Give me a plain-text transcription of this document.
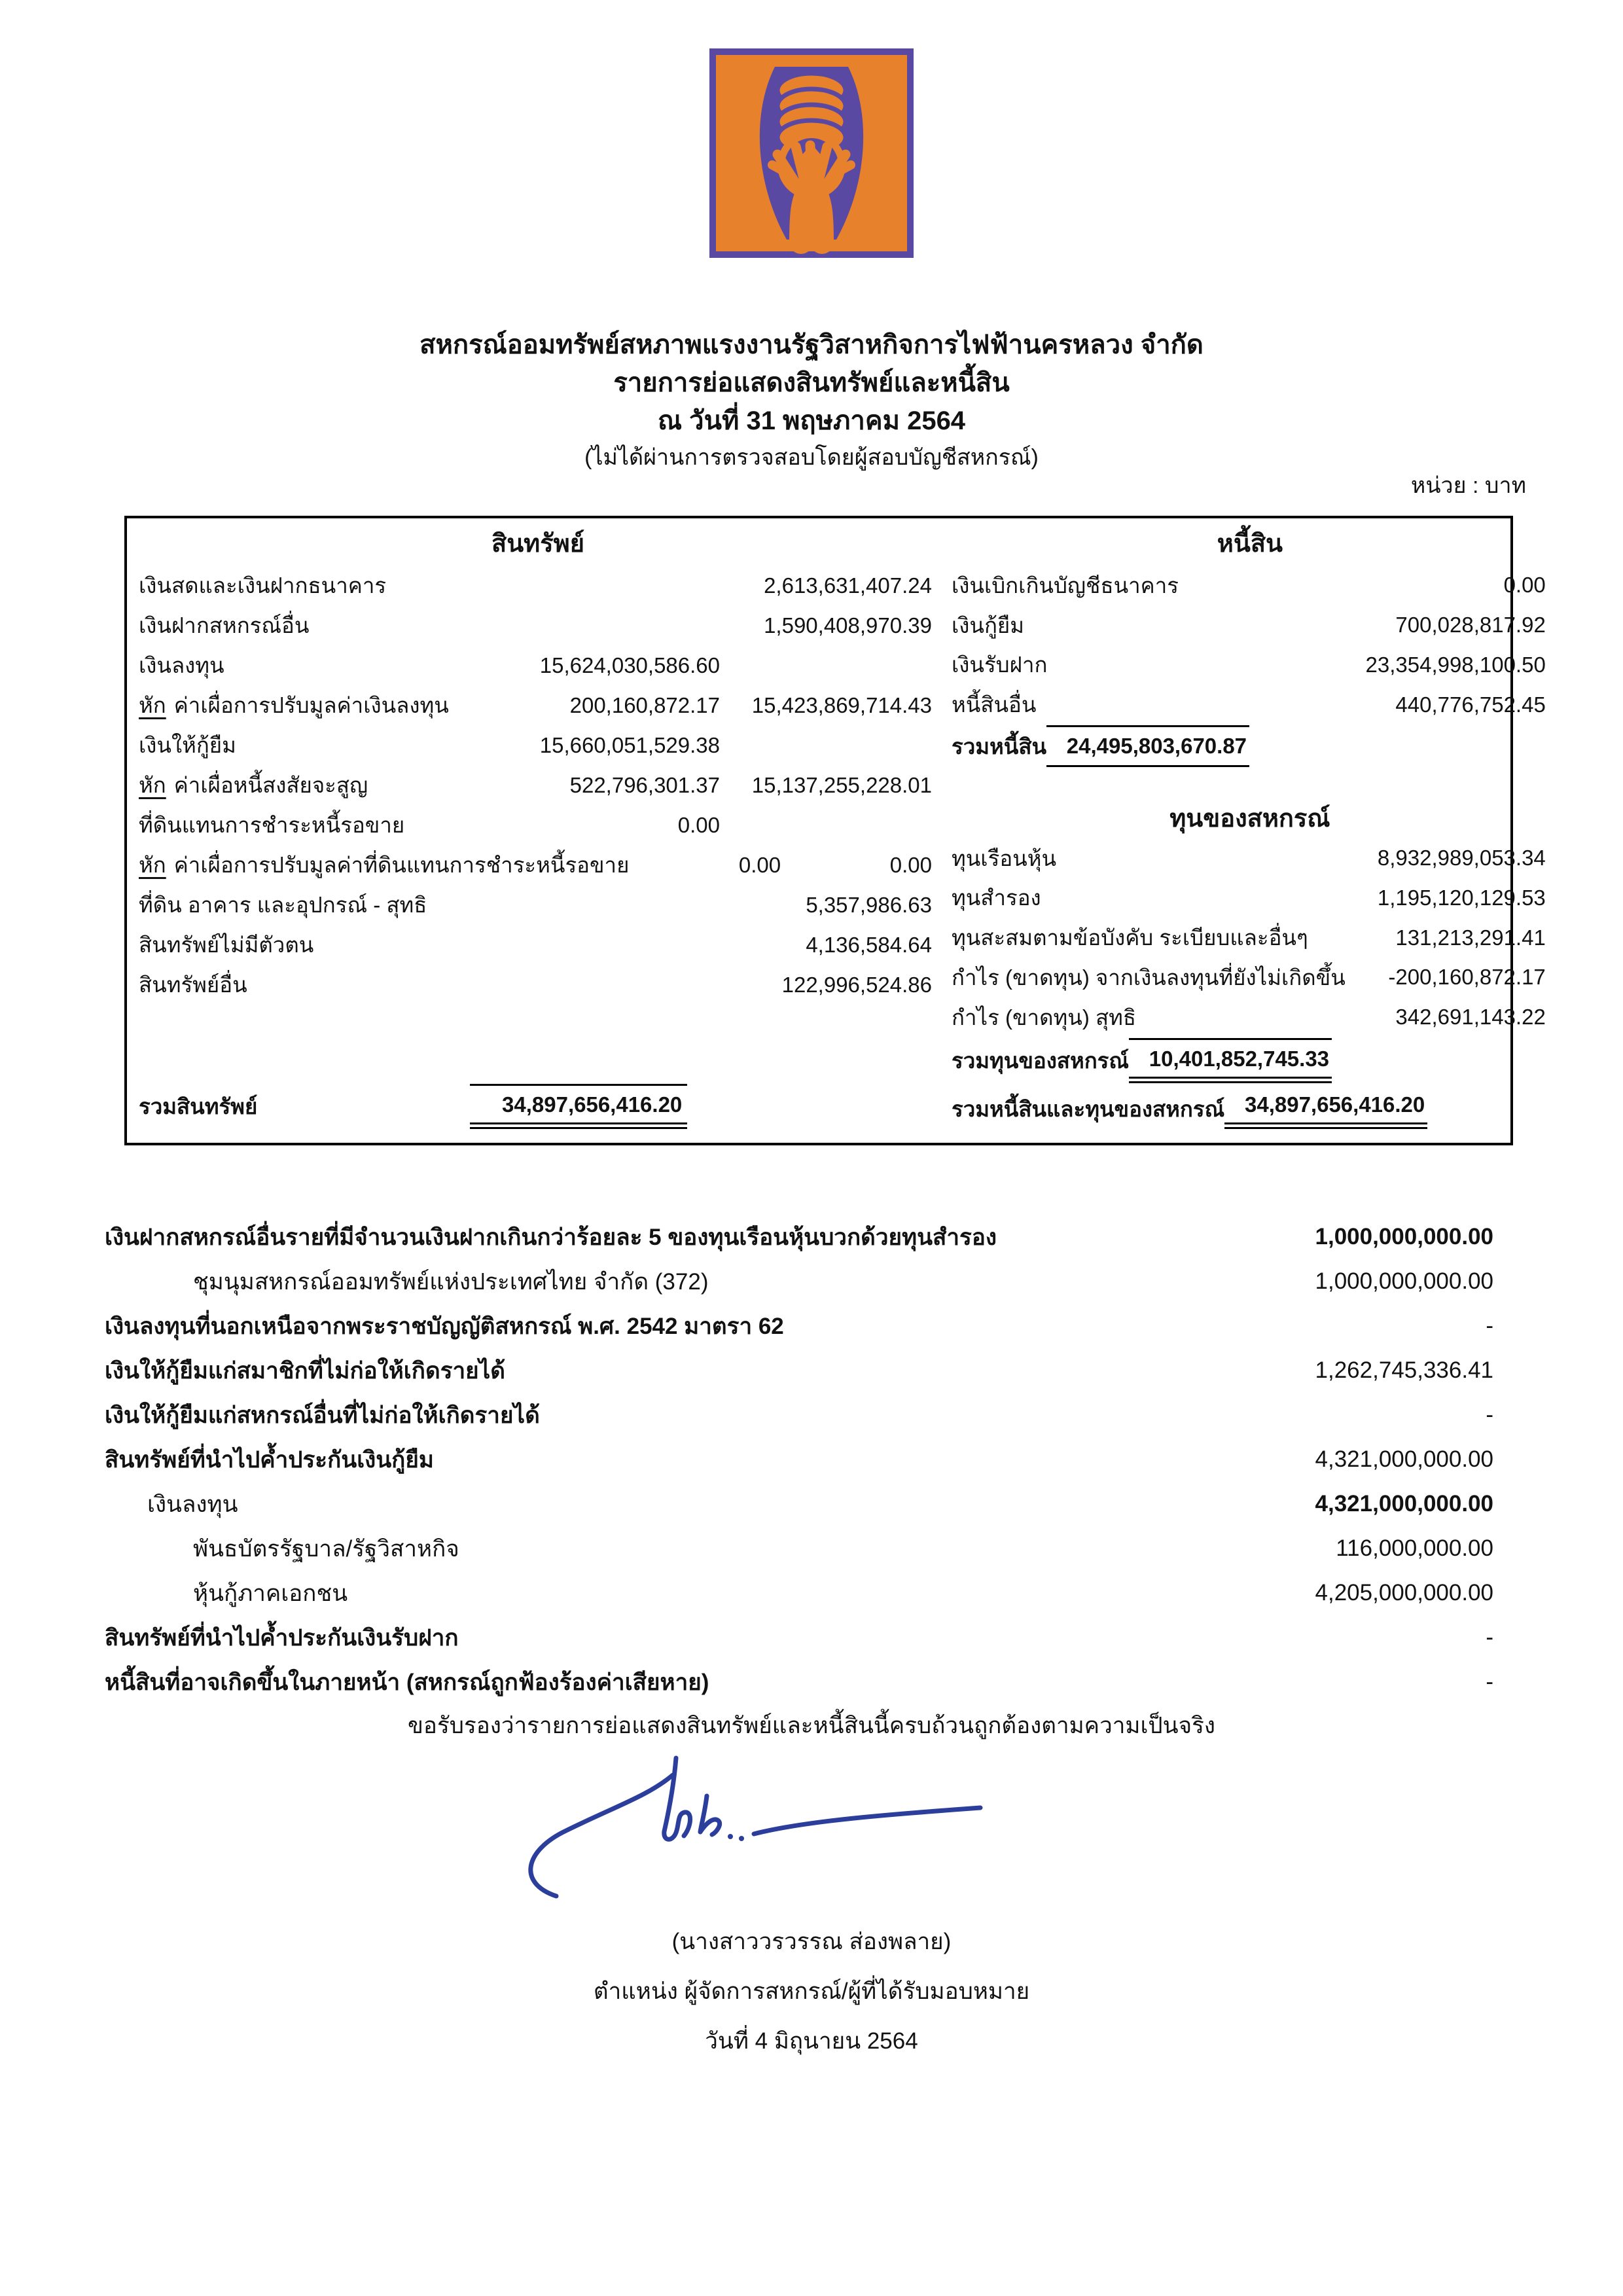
สหกรณ์ออมทรัพย์สหภาพแรงงานรัฐวิสาหกิจการไฟฟ้านครหลวง จำกัด
รายการย่อแสดงสินทรัพย์และหนี้สิน
ณ วันที่ 31 พฤษภาคม 2564
(ไม่ได้ผ่านการตรวจสอบโดยผู้สอบบัญชีสหกรณ์)
หน่วย : บาท
สินทรัพย์
เงินสดและเงินฝากธนาคาร	2,613,631,407.24
เงินฝากสหกรณ์อื่น	1,590,408,970.39
เงินลงทุน	15,624,030,586.60
หัก ค่าเผื่อการปรับมูลค่าเงินลงทุน	200,160,872.17	15,423,869,714.43
เงินให้กู้ยืม	15,660,051,529.38
หัก ค่าเผื่อหนี้สงสัยจะสูญ	522,796,301.37	15,137,255,228.01
ที่ดินแทนการชำระหนี้รอขาย	0.00
หัก ค่าเผื่อการปรับมูลค่าที่ดินแทนการชำระหนี้รอขาย	0.00	0.00
ที่ดิน อาคาร และอุปกรณ์ - สุทธิ	5,357,986.63
สินทรัพย์ไม่มีตัวตน	4,136,584.64
สินทรัพย์อื่น	122,996,524.86
รวมสินทรัพย์	34,897,656,416.20
หนี้สิน
เงินเบิกเกินบัญชีธนาคาร	0.00
เงินกู้ยืม	700,028,817.92
เงินรับฝาก	23,354,998,100.50
หนี้สินอื่น	440,776,752.45
รวมหนี้สิน 24,495,803,670.87
ทุนของสหกรณ์
ทุนเรือนหุ้น	8,932,989,053.34
ทุนสำรอง	1,195,120,129.53
ทุนสะสมตามข้อบังคับ ระเบียบและอื่นๆ	131,213,291.41
กำไร (ขาดทุน) จากเงินลงทุนที่ยังไม่เกิดขึ้น	-200,160,872.17
กำไร (ขาดทุน) สุทธิ	342,691,143.22
รวมทุนของสหกรณ์ 10,401,852,745.33
รวมหนี้สินและทุนของสหกรณ์ 34,897,656,416.20
เงินฝากสหกรณ์อื่นรายที่มีจำนวนเงินฝากเกินกว่าร้อยละ 5 ของทุนเรือนหุ้นบวกด้วยทุนสำรอง	1,000,000,000.00
ชุมนุมสหกรณ์ออมทรัพย์แห่งประเทศไทย จำกัด (372)	1,000,000,000.00
เงินลงทุนที่นอกเหนือจากพระราชบัญญัติสหกรณ์ พ.ศ. 2542 มาตรา 62	-
เงินให้กู้ยืมแก่สมาชิกที่ไม่ก่อให้เกิดรายได้	1,262,745,336.41
เงินให้กู้ยืมแก่สหกรณ์อื่นที่ไม่ก่อให้เกิดรายได้	-
สินทรัพย์ที่นำไปค้ำประกันเงินกู้ยืม	4,321,000,000.00
เงินลงทุน	4,321,000,000.00
พันธบัตรรัฐบาล/รัฐวิสาหกิจ	116,000,000.00
หุ้นกู้ภาคเอกชน	4,205,000,000.00
สินทรัพย์ที่นำไปค้ำประกันเงินรับฝาก	-
หนี้สินที่อาจเกิดขึ้นในภายหน้า (สหกรณ์ถูกฟ้องร้องค่าเสียหาย)	-
ขอรับรองว่ารายการย่อแสดงสินทรัพย์และหนี้สินนี้ครบถ้วนถูกต้องตามความเป็นจริง
(นางสาววรวรรณ ส่องพลาย)
ตำแหน่ง ผู้จัดการสหกรณ์/ผู้ที่ได้รับมอบหมาย
วันที่ 4 มิถุนายน 2564
